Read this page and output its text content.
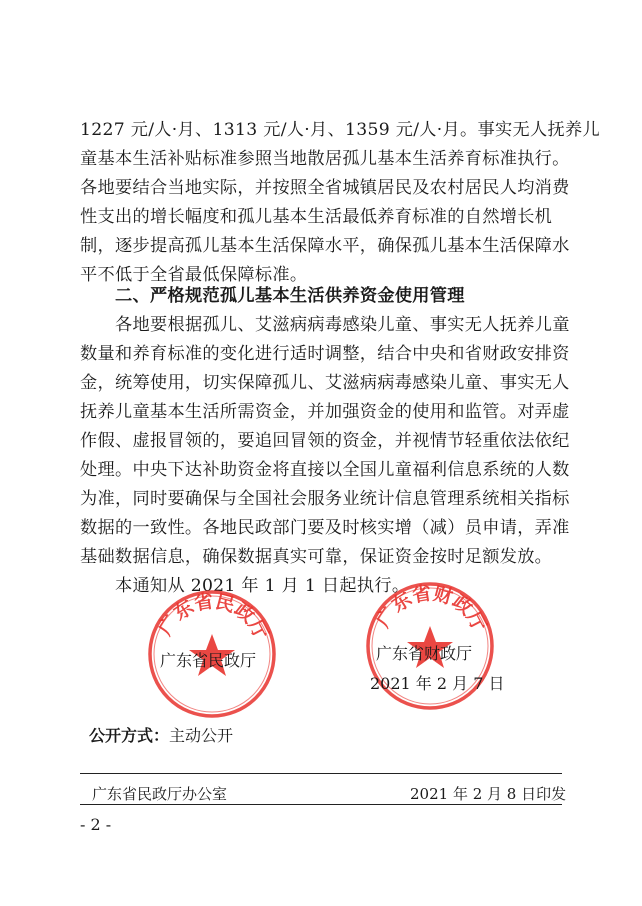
1227 元/人·月、1313 元/人·月、1359 元/人·月。事实无人抚养儿
童基本生活补贴标准参照当地散居孤儿基本生活养育标准执行。
各地要结合当地实际，并按照全省城镇居民及农村居民人均消费
性支出的增长幅度和孤儿基本生活最低养育标准的自然增长机
制，逐步提高孤儿基本生活保障水平，确保孤儿基本生活保障水
平不低于全省最低保障标准。
二、严格规范孤儿基本生活供养资金使用管理
各地要根据孤儿、艾滋病病毒感染儿童、事实无人抚养儿童
数量和养育标准的变化进行适时调整，结合中央和省财政安排资
金，统筹使用，切实保障孤儿、艾滋病病毒感染儿童、事实无人
抚养儿童基本生活所需资金，并加强资金的使用和监管。对弄虚
作假、虚报冒领的，要追回冒领的资金，并视情节轻重依法依纪
处理。中央下达补助资金将直接以全国儿童福利信息系统的人数
为准，同时要确保与全国社会服务业统计信息管理系统相关指标
数据的一致性。各地民政部门要及时核实增（减）员申请，弄准
基础数据信息，确保数据真实可靠，保证资金按时足额发放。
本通知从 2021 年 1 月 1 日起执行。
广东省民政厅	广东省财政厅
广东省民政厅	广东省财政厅
2021 年 2 月 7 日
公开方式：主动公开
广东省民政厅办公室	2021 年 2 月 8 日印发
- 2 -
